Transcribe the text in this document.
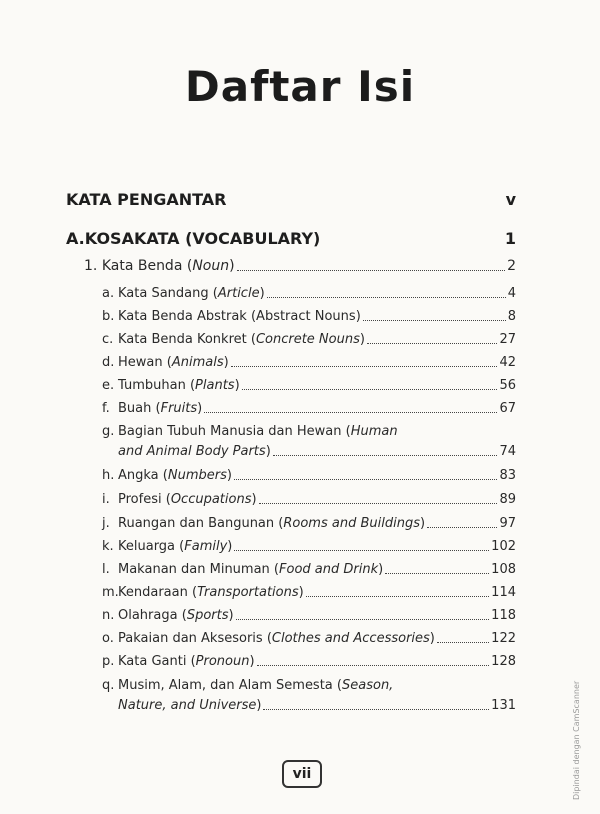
Daftar Isi
KATA PENGANTAR	v
A.KOSAKATA (VOCABULARY)	1
1. Kata Benda (Noun)	2
a. Kata Sandang (Article)	4
b. Kata Benda Abstrak (Abstract Nouns)	8
c. Kata Benda Konkret (Concrete Nouns)	27
d. Hewan (Animals)	42
e. Tumbuhan (Plants)	56
f. Buah (Fruits)	67
g. Bagian Tubuh Manusia dan Hewan (Human
and Animal Body Parts)	74
h. Angka (Numbers)	83
i. Profesi (Occupations)	89
j. Ruangan dan Bangunan (Rooms and Buildings)	97
k. Keluarga (Family)	102
l. Makanan dan Minuman (Food and Drink)	108
m.Kendaraan (Transportations)	114
n. Olahraga (Sports)	118
o. Pakaian dan Aksesoris (Clothes and Accessories)	122
p. Kata Ganti (Pronoun)	128
q. Musim, Alam, dan Alam Semesta (Season,
Nature, and Universe)	131
vii	Dipindai dengan CamScanner
